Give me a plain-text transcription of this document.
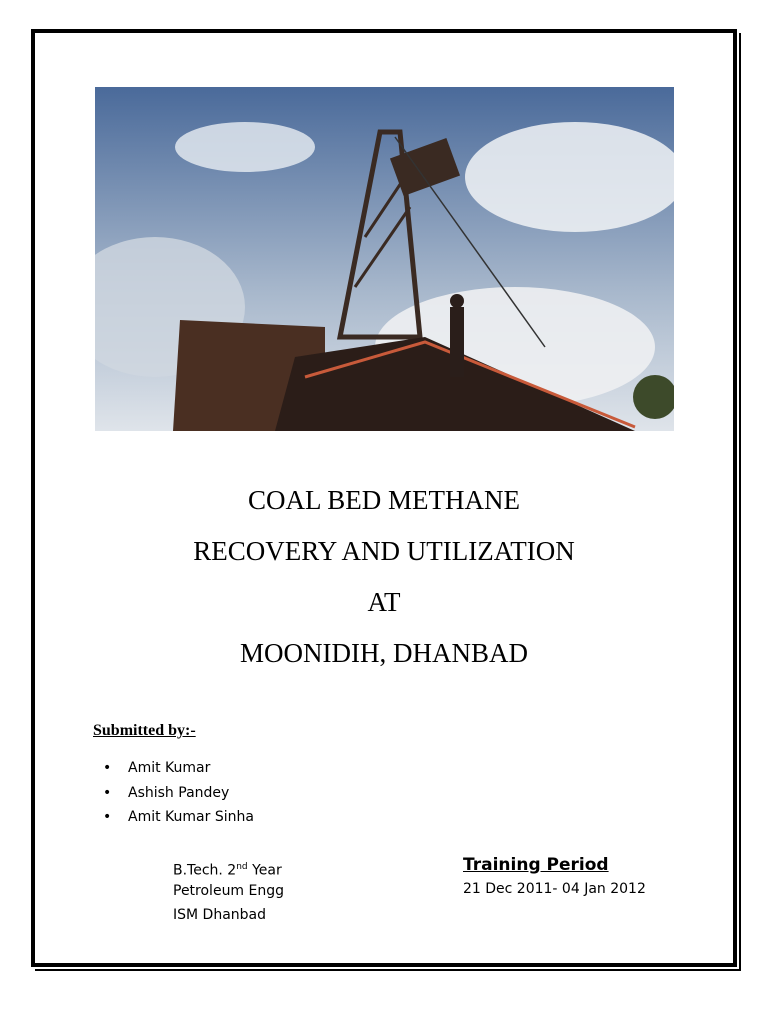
COAL BED METHANE
RECOVERY AND UTILIZATION
AT
MOONIDIH, DHANBAD
Submitted by:-
• Amit Kumar
• Ashish Pandey
• Amit Kumar Sinha
B.Tech. 2nd Year
Petroleum Engg
ISM Dhanbad
Training Period
21 Dec 2011- 04 Jan 2012
